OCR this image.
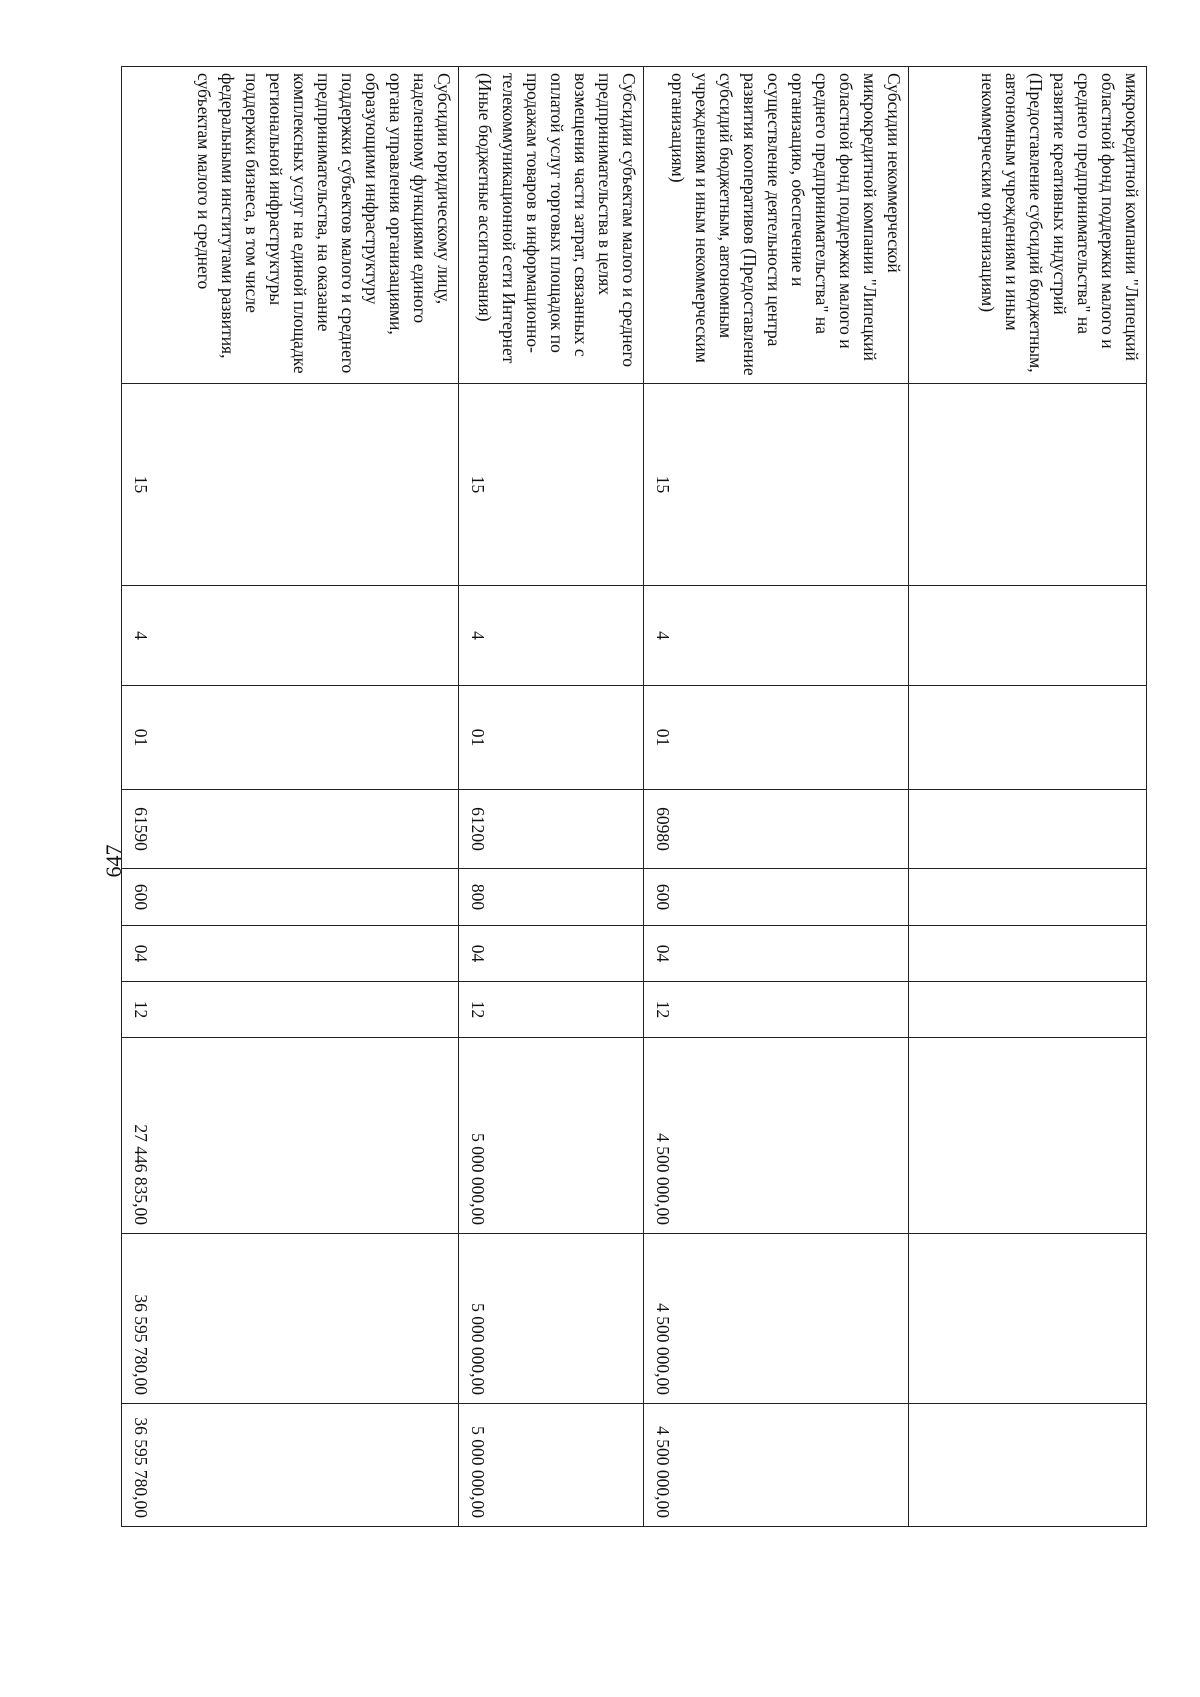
647
микрокредитной компании "Липецкий областной фонд поддержки малого и среднего предпринимательства" на развитие креативных индустрий (Предоставление субсидий бюджетным, автономным учреждениям и иным некоммерческим организациям)										
Субсидии некоммерческой микрокредитной компании "Липецкий областной фонд поддержки малого и среднего предпринимательства" на организацию, обеспечение и осуществление деятельности центра развития кооперативов (Предоставление субсидий бюджетным, автономным учреждениям и иным некоммерческим организациям)	15	4	01	60980	600	04	12	4 500 000,00	4 500 000,00	4 500 000,00
Субсидии субъектам малого и среднего предпринимательства в целях возмещения части затрат, связанных с оплатой услуг торговых площадок по продажам товаров в информационно-телекоммуникационной сети Интернет (Иные бюджетные ассигнования)	15	4	01	61200	800	04	12	5 000 000,00	5 000 000,00	5 000 000,00
Субсидии юридическому лицу, наделенному функциями единого органа управления организациями, образующими инфраструктуру поддержки субъектов малого и среднего предпринимательства, на оказание комплексных услуг на единой площадке региональной инфраструктуры поддержки бизнеса, в том числе федеральными институтами развития, субъектам малого и среднего	15	4	01	61590	600	04	12	27 446 835,00	36 595 780,00	36 595 780,00
